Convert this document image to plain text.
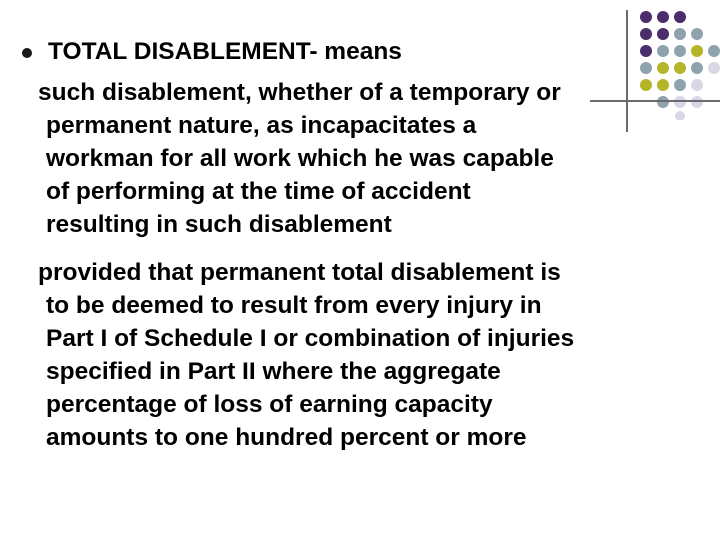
TOTAL DISABLEMENT- means
such disablement, whether of a temporary or
permanent nature, as incapacitates a
workman for all work which he was capable
of performing at the time of accident
resulting in such disablement
provided that permanent total disablement is
to be deemed to result from every injury in
Part I of Schedule I or combination of injuries
specified in Part II where the aggregate
percentage of loss of earning capacity
amounts to one hundred percent or more
